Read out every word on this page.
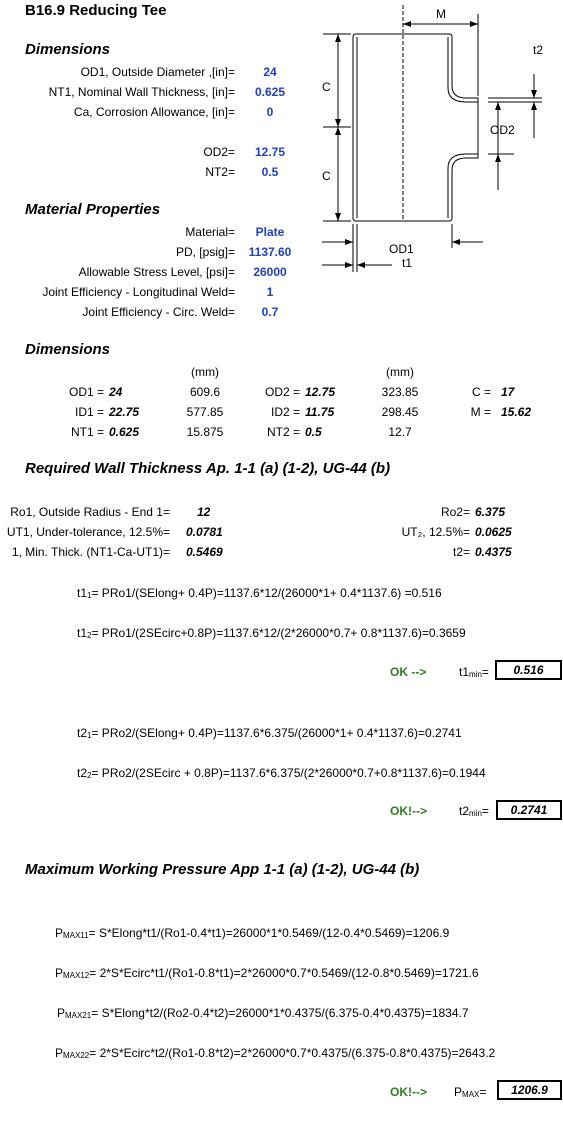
B16.9 Reducing Tee
Dimensions
OD1, Outside Diameter ,[in]=	24
NT1, Nominal Wall Thickness, [in]=	0.625
Ca, Corrosion Allowance, [in]=	0
OD2=	12.75
NT2=	0.5
Material Properties
Material=	Plate
PD, [psig]=	1137.60
Allowable Stress Level, [psi]=	26000
Joint Efficiency - Longitudinal Weld=	1
Joint Efficiency - Circ. Weld=	0.7
M
t2
C
C
OD2
OD1
t1
Dimensions
(mm)	(mm)
OD1 = 24	609.6	OD2 = 12.75	323.85	C = 17
ID1 = 22.75	577.85	ID2 = 11.75	298.45	M = 15.62
NT1 = 0.625	15.875	NT2 = 0.5	12.7
Required Wall Thickness Ap. 1-1 (a) (1-2), UG-44 (b)
Ro1, Outside Radius - End 1= 12
UT1, Under-tolerance, 12.5%= 0.0781
1, Min. Thick. (NT1-Ca-UT1)= 0.5469
Ro2= 6.375
UT₂, 12.5%= 0.0625
t2= 0.4375
$t1_1=$ PRo1/(SElong+ 0.4P)=1137.6*12/(26000*1+ 0.4*1137.6) =0.516
$t1_2=$ PRo1/(2SEcirc+0.8P)=1137.6*12/(2*26000*0.7+ 0.8*1137.6)=0.3659
OK -->	$t1_{min}=$	0.516
$t2_1=$ PRo2/(SElong+ 0.4P)=1137.6*6.375/(26000*1+ 0.4*1137.6)=0.2741
$t2_2=$ PRo2/(2SEcirc + 0.8P)=1137.6*6.375/(2*26000*0.7+0.8*1137.6)=0.1944
OK!-->	$t2_{min}=$	0.2741
Maximum Working Pressure App 1-1 (a) (1-2), UG-44 (b)
$P_{MAX11}=$ S*Elong*t1/(Ro1-0.4*t1)=26000*1*0.5469/(12-0.4*0.5469)=1206.9
$P_{MAX12}=$ 2*S*Ecirc*t1/(Ro1-0.8*t1)=2*26000*0.7*0.5469/(12-0.8*0.5469)=1721.6
$P_{MAX21}=$ S*Elong*t2/(Ro2-0.4*t2)=26000*1*0.4375/(6.375-0.4*0.4375)=1834.7
$P_{MAX22}=$ 2*S*Ecirc*t2/(Ro1-0.8*t2)=2*26000*0.7*0.4375/(6.375-0.8*0.4375)=2643.2
$OK!--> P_{MAX}=$	1206.9
